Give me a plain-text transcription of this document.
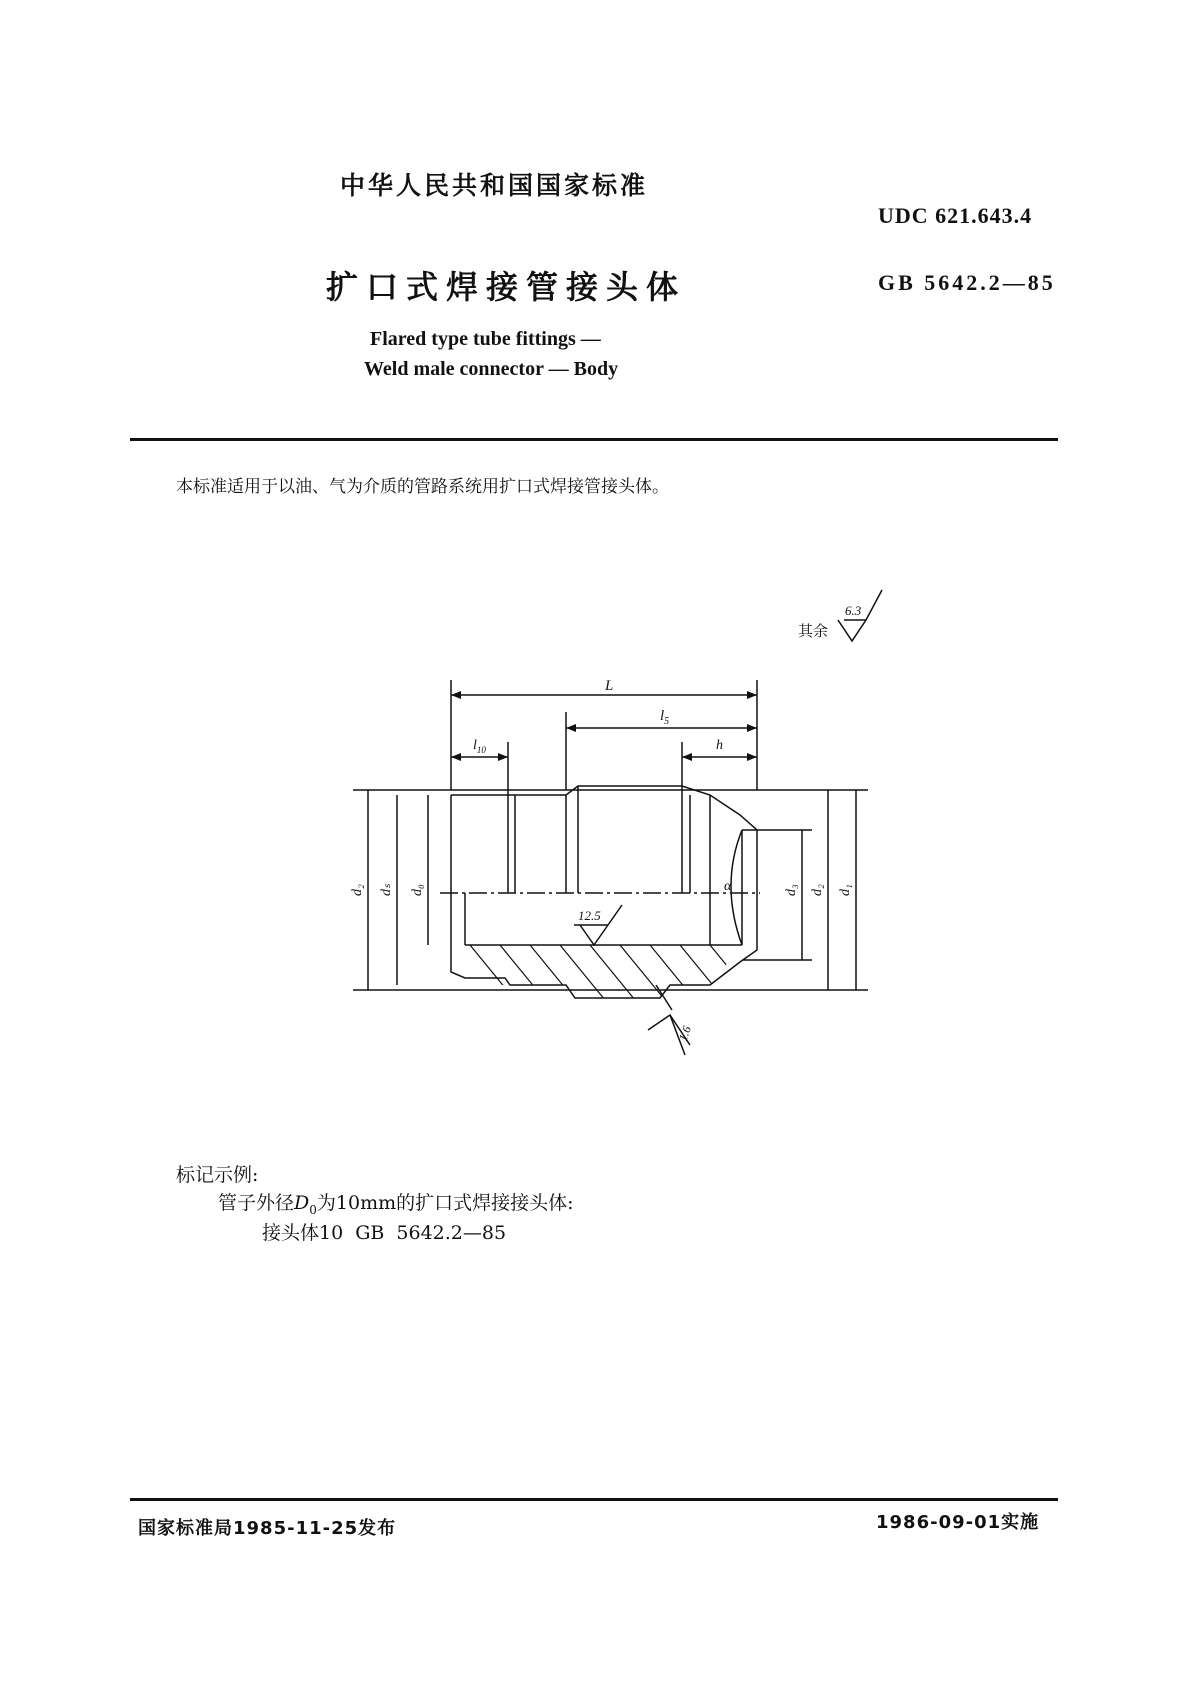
中华人民共和国国家标准
UDC 621.643.4
扩口式焊接管接头体	GB 5642.2—85
Flared type tube fittings —
Weld male connector — Body
本标准适用于以油、气为介质的管路系统用扩口式焊接管接头体。
L
$l_5$
$l_{10}$	h
d₂ dₛ d₀	α	d₃ d₂ d₁
6.3
12.5
1.6
其余
标记示例:
管子外径$D_0$为10mm的扩口式焊接接头体:
接头体10 GB 5642.2—85
国家标准局1985-11-25发布	1986-09-01实施
